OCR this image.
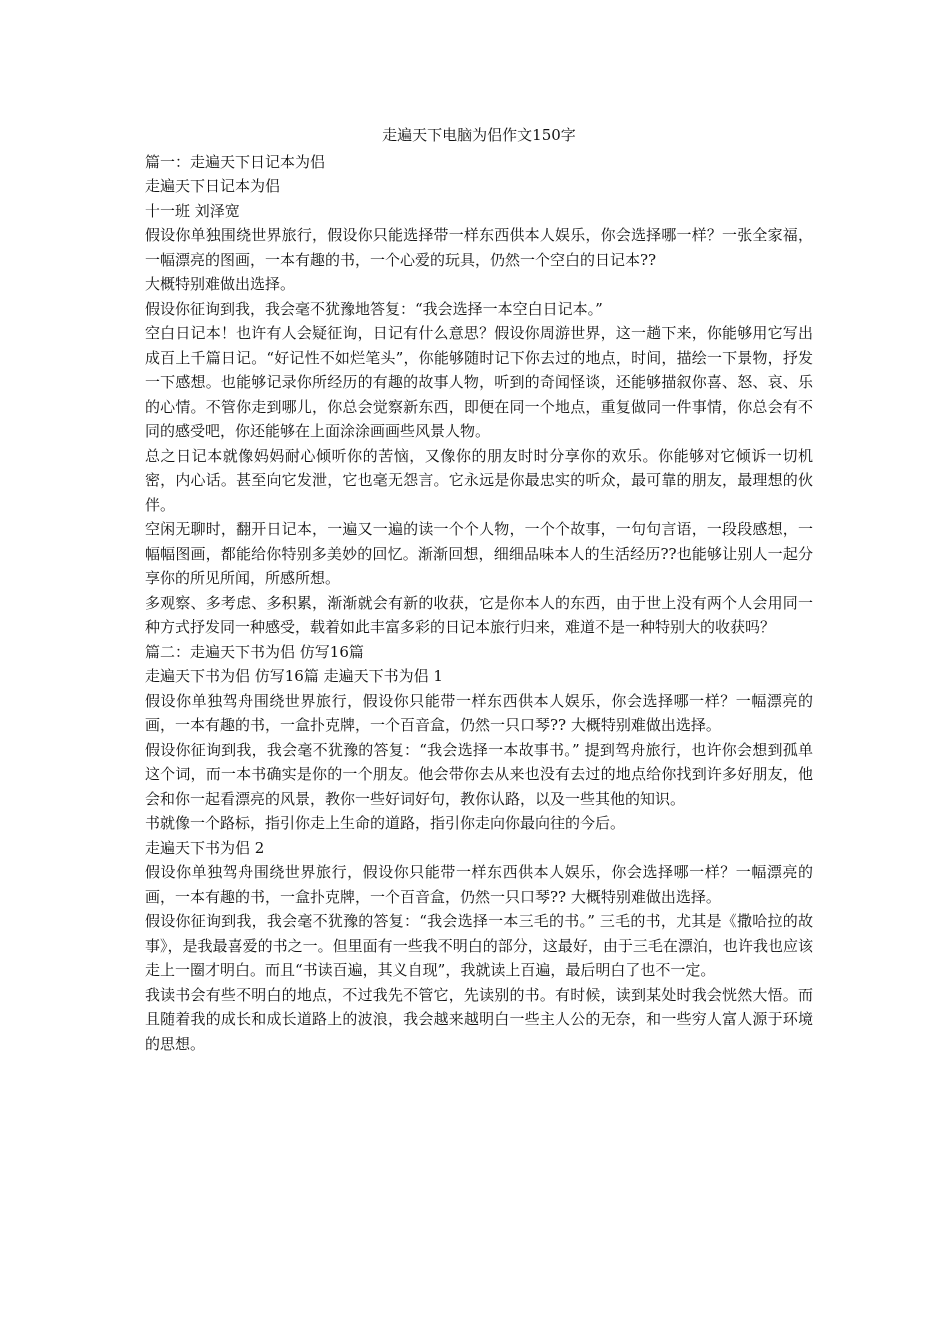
走遍天下电脑为侣作文150字
篇一：走遍天下日记本为侣
走遍天下日记本为侣
十一班 刘泽宽
假设你单独围绕世界旅行，假设你只能选择带一样东西供本人娱乐，你会选择哪一样？一张全家福，一幅漂亮的图画，一本有趣的书，一个心爱的玩具，仍然一个空白的日记本??
大概特别难做出选择。
假设你征询到我，我会毫不犹豫地答复：“我会选择一本空白日记本。”
空白日记本！也许有人会疑征询，日记有什么意思？假设你周游世界，这一趟下来，你能够用它写出成百上千篇日记。“好记性不如烂笔头”，你能够随时记下你去过的地点，时间，描绘一下景物，抒发一下感想。也能够记录你所经历的有趣的故事人物，听到的奇闻怪谈，还能够描叙你喜、怒、哀、乐的心情。不管你走到哪儿，你总会觉察新东西，即便在同一个地点，重复做同一件事情，你总会有不同的感受吧，你还能够在上面涂涂画画些风景人物。
总之日记本就像妈妈耐心倾听你的苦恼，又像你的朋友时时分享你的欢乐。你能够对它倾诉一切机密，内心话。甚至向它发泄，它也毫无怨言。它永远是你最忠实的听众，最可靠的朋友，最理想的伙伴。
空闲无聊时，翻开日记本，一遍又一遍的读一个个人物，一个个故事，一句句言语，一段段感想，一幅幅图画，都能给你特别多美妙的回忆。渐渐回想，细细品味本人的生活经历??也能够让别人一起分享你的所见所闻，所感所想。
多观察、多考虑、多积累，渐渐就会有新的收获，它是你本人的东西，由于世上没有两个人会用同一种方式抒发同一种感受，载着如此丰富多彩的日记本旅行归来，难道不是一种特别大的收获吗？
篇二：走遍天下书为侣 仿写16篇
走遍天下书为侣 仿写16篇 走遍天下书为侣 1
假设你单独驾舟围绕世界旅行，假设你只能带一样东西供本人娱乐，你会选择哪一样？一幅漂亮的画，一本有趣的书，一盒扑克牌，一个百音盒，仍然一只口琴?? 大概特别难做出选择。
假设你征询到我，我会毫不犹豫的答复：“我会选择一本故事书。” 提到驾舟旅行，也许你会想到孤单这个词，而一本书确实是你的一个朋友。他会带你去从来也没有去过的地点给你找到许多好朋友，他会和你一起看漂亮的风景，教你一些好词好句，教你认路，以及一些其他的知识。
书就像一个路标，指引你走上生命的道路，指引你走向你最向往的今后。
走遍天下书为侣 2
假设你单独驾舟围绕世界旅行，假设你只能带一样东西供本人娱乐，你会选择哪一样？一幅漂亮的画，一本有趣的书，一盒扑克牌，一个百音盒，仍然一只口琴?? 大概特别难做出选择。
假设你征询到我，我会毫不犹豫的答复：“我会选择一本三毛的书。” 三毛的书，尤其是《撒哈拉的故事》，是我最喜爱的书之一。但里面有一些我不明白的部分，这最好，由于三毛在漂泊，也许我也应该走上一圈才明白。而且“书读百遍，其义自现”，我就读上百遍，最后明白了也不一定。
我读书会有些不明白的地点，不过我先不管它，先读别的书。有时候，读到某处时我会恍然大悟。而且随着我的成长和成长道路上的波浪，我会越来越明白一些主人公的无奈，和一些穷人富人源于环境的思想。
